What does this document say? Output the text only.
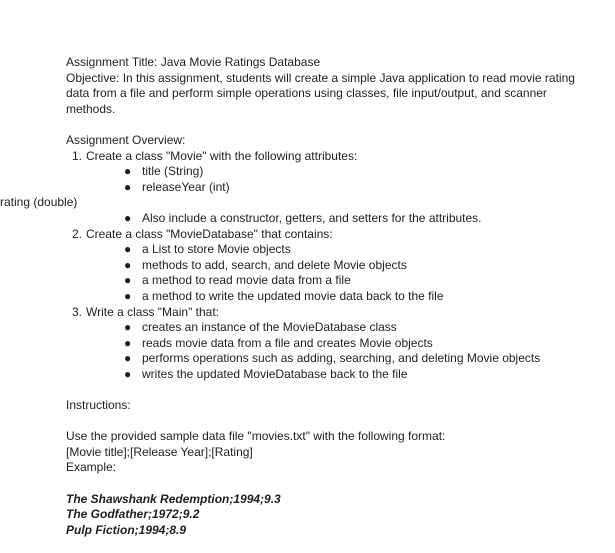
Assignment Title: Java Movie Ratings Database
Objective: In this assignment, students will create a simple Java application to read movie rating data from a file and perform simple operations using classes, file input/output, and scanner methods.
Assignment Overview:
1. Create a class "Movie" with the following attributes:
● title (String)
● releaseYear (int)
rating (double)
● Also include a constructor, getters, and setters for the attributes.
2. Create a class "MovieDatabase" that contains:
● a List to store Movie objects
● methods to add, search, and delete Movie objects
● a method to read movie data from a file
● a method to write the updated movie data back to the file
3. Write a class "Main" that:
● creates an instance of the MovieDatabase class
● reads movie data from a file and creates Movie objects
● performs operations such as adding, searching, and deleting Movie objects
● writes the updated MovieDatabase back to the file
Instructions:
Use the provided sample data file "movies.txt" with the following format:
[Movie title];[Release Year];[Rating]
Example:
The Shawshank Redemption;1994;9.3
The Godfather;1972;9.2
Pulp Fiction;1994;8.9
